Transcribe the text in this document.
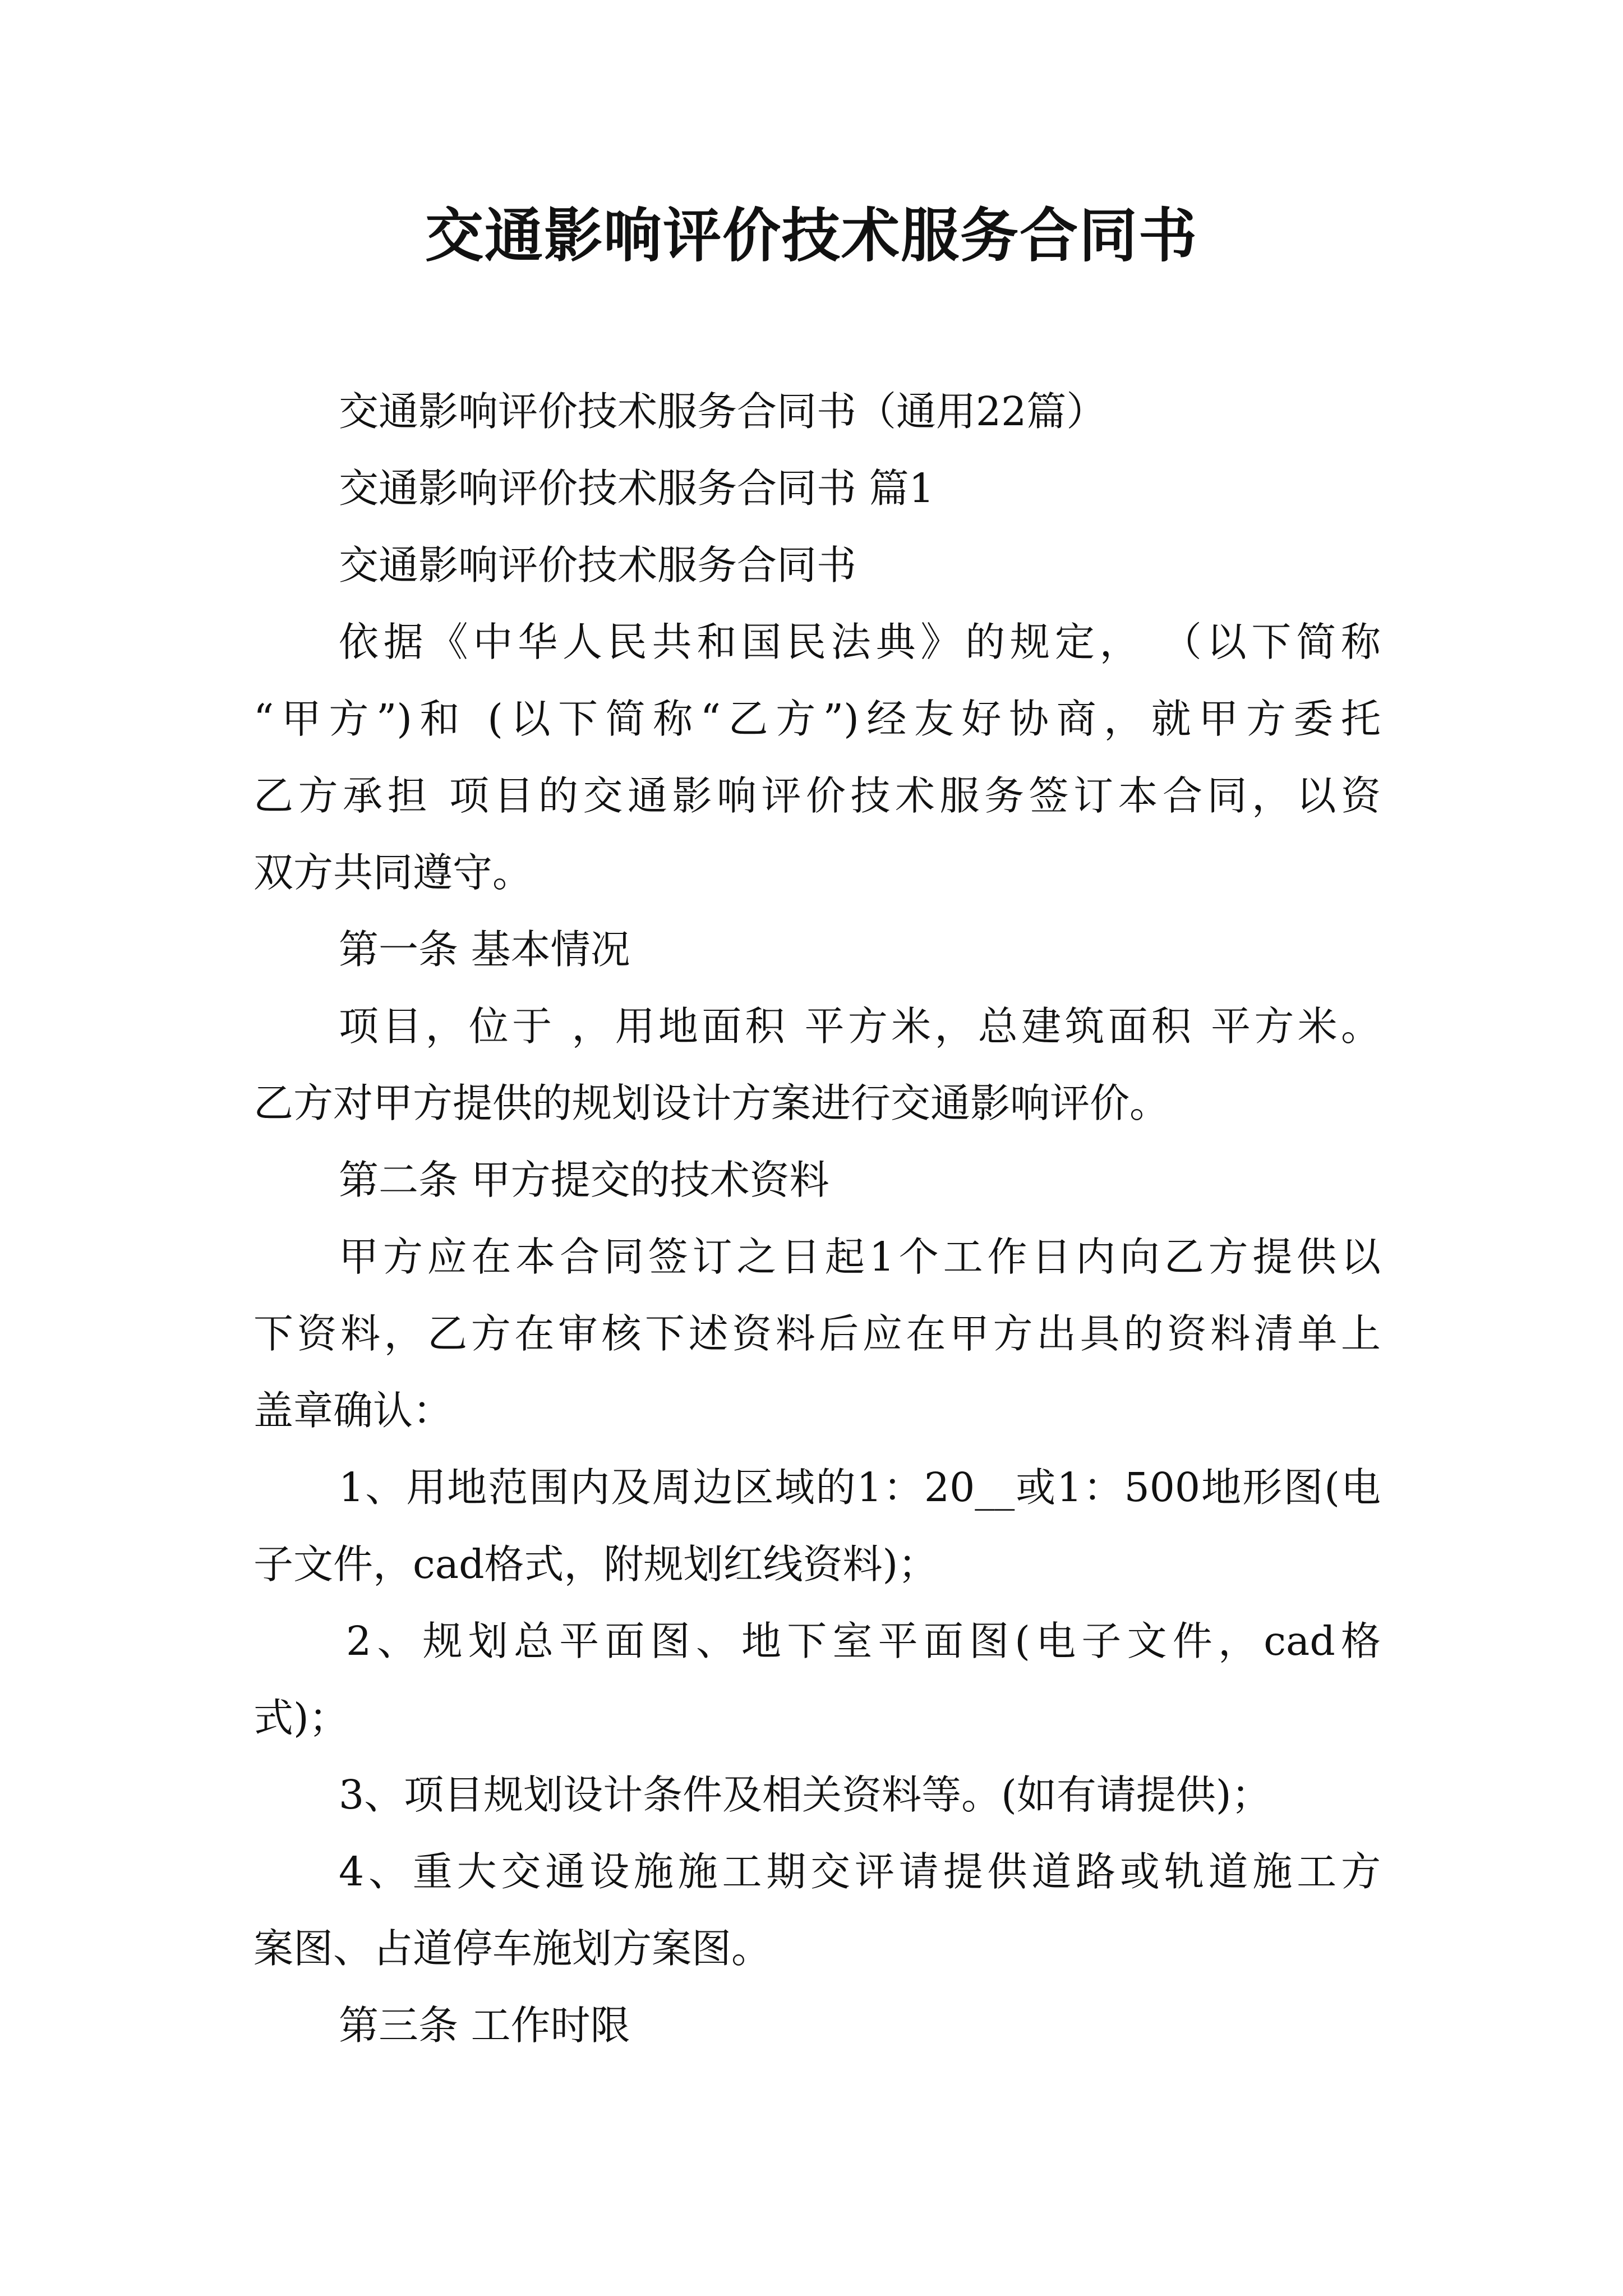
交通影响评价技术服务合同书
交通影响评价技术服务合同书（通用22篇）
交通影响评价技术服务合同书 篇1
交通影响评价技术服务合同书
依据《中华人民共和国民法典》的规定， （以下简称
“甲方”)和 (以下简称“乙方”)经友好协商，就甲方委托
乙方承担 项目的交通影响评价技术服务签订本合同，以资
双方共同遵守。
第一条 基本情况
项目，位于 ，用地面积 平方米，总建筑面积 平方米。
乙方对甲方提供的规划设计方案进行交通影响评价。
第二条 甲方提交的技术资料
甲方应在本合同签订之日起1个工作日内向乙方提供以
下资料，乙方在审核下述资料后应在甲方出具的资料清单上
盖章确认：
1、用地范围内及周边区域的1：20__或1：500地形图(电
子文件，cad格式，附规划红线资料)；
2、规划总平面图、地下室平面图(电子文件，cad格
式)；
3、项目规划设计条件及相关资料等。(如有请提供)；
4、重大交通设施施工期交评请提供道路或轨道施工方
案图、占道停车施划方案图。
第三条 工作时限
